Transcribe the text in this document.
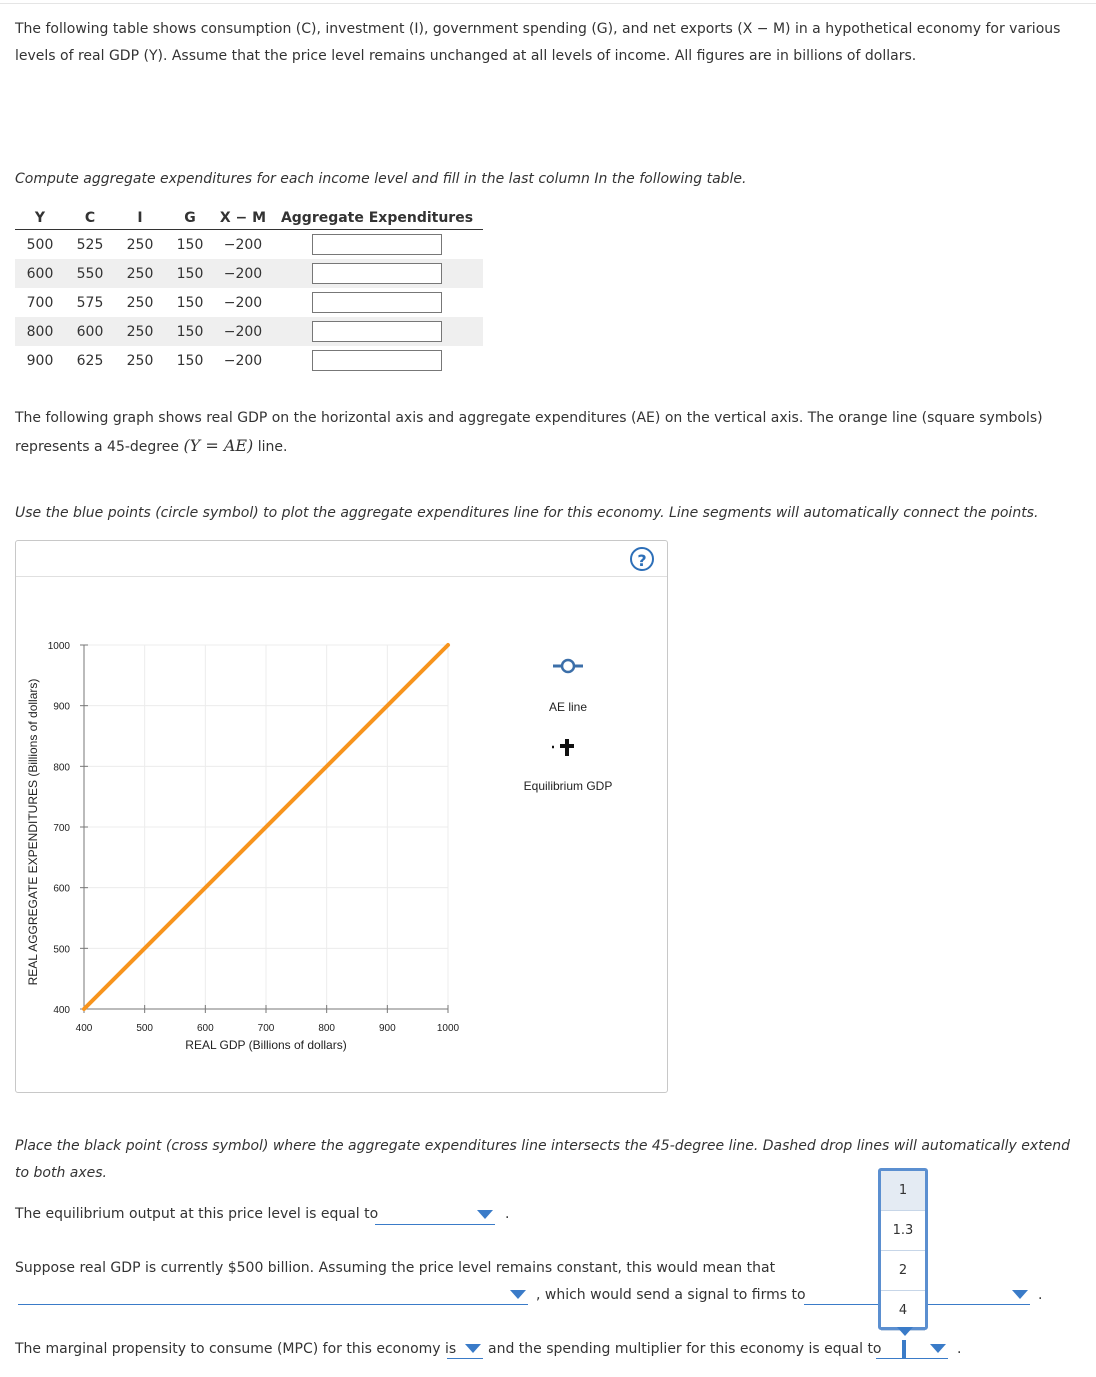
The following table shows consumption (C), investment (I), government spending (G), and net exports (X − M) in a hypothetical economy for various levels of real GDP (Y). Assume that the price level remains unchanged at all levels of income. All figures are in billions of dollars.
Compute aggregate expenditures for each income level and fill in the last column In the following table.
Y	C	I	G	X − M	Aggregate Expenditures
500	525	250	150	−200	
600	550	250	150	−200	
700	575	250	150	−200	
800	600	250	150	−200	
900	625	250	150	−200	
The following graph shows real GDP on the horizontal axis and aggregate expenditures (AE) on the vertical axis. The orange line (square symbols) represents a 45-degree (Y = AE) line.
Use the blue points (circle symbol) to plot the aggregate expenditures line for this economy. Line segments will automatically connect the points.
?
400	500	600	700	800	900	1000
400
500
600
700
800
900
1000
REAL GDP (Billions of dollars)
REAL AGGREGATE EXPENDITURES (Billions of dollars)	AE line
Equilibrium GDP
Place the black point (cross symbol) where the aggregate expenditures line intersects the 45-degree line. Dashed drop lines will automatically extend to both axes.
The equilibrium output at this price level is equal to	.
Suppose real GDP is currently $500 billion. Assuming the price level remains constant, this would mean that
, which would send a signal to firms to	.
The marginal propensity to consume (MPC) for this economy is and the spending multiplier for this economy is equal to	.
1
1.3
2
4
